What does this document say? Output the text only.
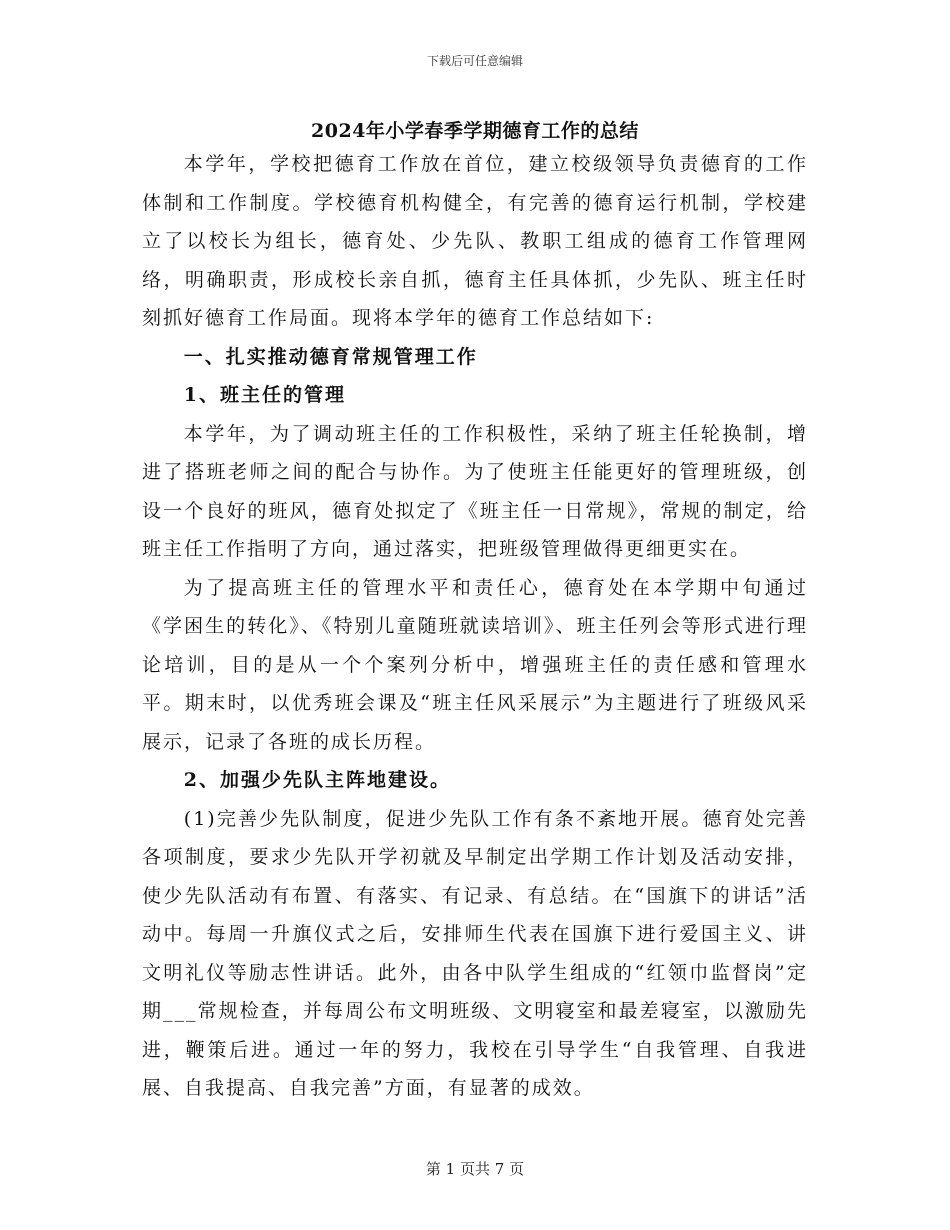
下载后可任意编辑
2024年小学春季学期德育工作的总结

本学年，学校把德育工作放在首位，建立校级领导负责德育的工作体制和工作制度。学校德育机构健全，有完善的德育运行机制，学校建立了以校长为组长，德育处、少先队、教职工组成的德育工作管理网络，明确职责，形成校长亲自抓，德育主任具体抓，少先队、班主任时刻抓好德育工作局面。现将本学年的德育工作总结如下:

一、扎实推动德育常规管理工作

1、班主任的管理

本学年，为了调动班主任的工作积极性，采纳了班主任轮换制，增进了搭班老师之间的配合与协作。为了使班主任能更好的管理班级，创设一个良好的班风，德育处拟定了《班主任一日常规》，常规的制定，给班主任工作指明了方向，通过落实，把班级管理做得更细更实在。

为了提高班主任的管理水平和责任心，德育处在本学期中旬通过《学困生的转化》、《特别儿童随班就读培训》、班主任列会等形式进行理论培训，目的是从一个个案列分析中，增强班主任的责任感和管理水平。期末时，以优秀班会课及“班主任风采展示”为主题进行了班级风采展示，记录了各班的成长历程。

2、加强少先队主阵地建设。

(1)完善少先队制度，促进少先队工作有条不紊地开展。德育处完善各项制度，要求少先队开学初就及早制定出学期工作计划及活动安排，使少先队活动有布置、有落实、有记录、有总结。在“国旗下的讲话”活动中。每周一升旗仪式之后，安排师生代表在国旗下进行爱国主义、讲文明礼仪等励志性讲话。此外，由各中队学生组成的“红领巾监督岗”定期___常规检查，并每周公布文明班级、文明寝室和最差寝室，以激励先进，鞭策后进。通过一年的努力，我校在引导学生“自我管理、自我进展、自我提高、自我完善”方面，有显著的成效。

第 1 页共 7 页
